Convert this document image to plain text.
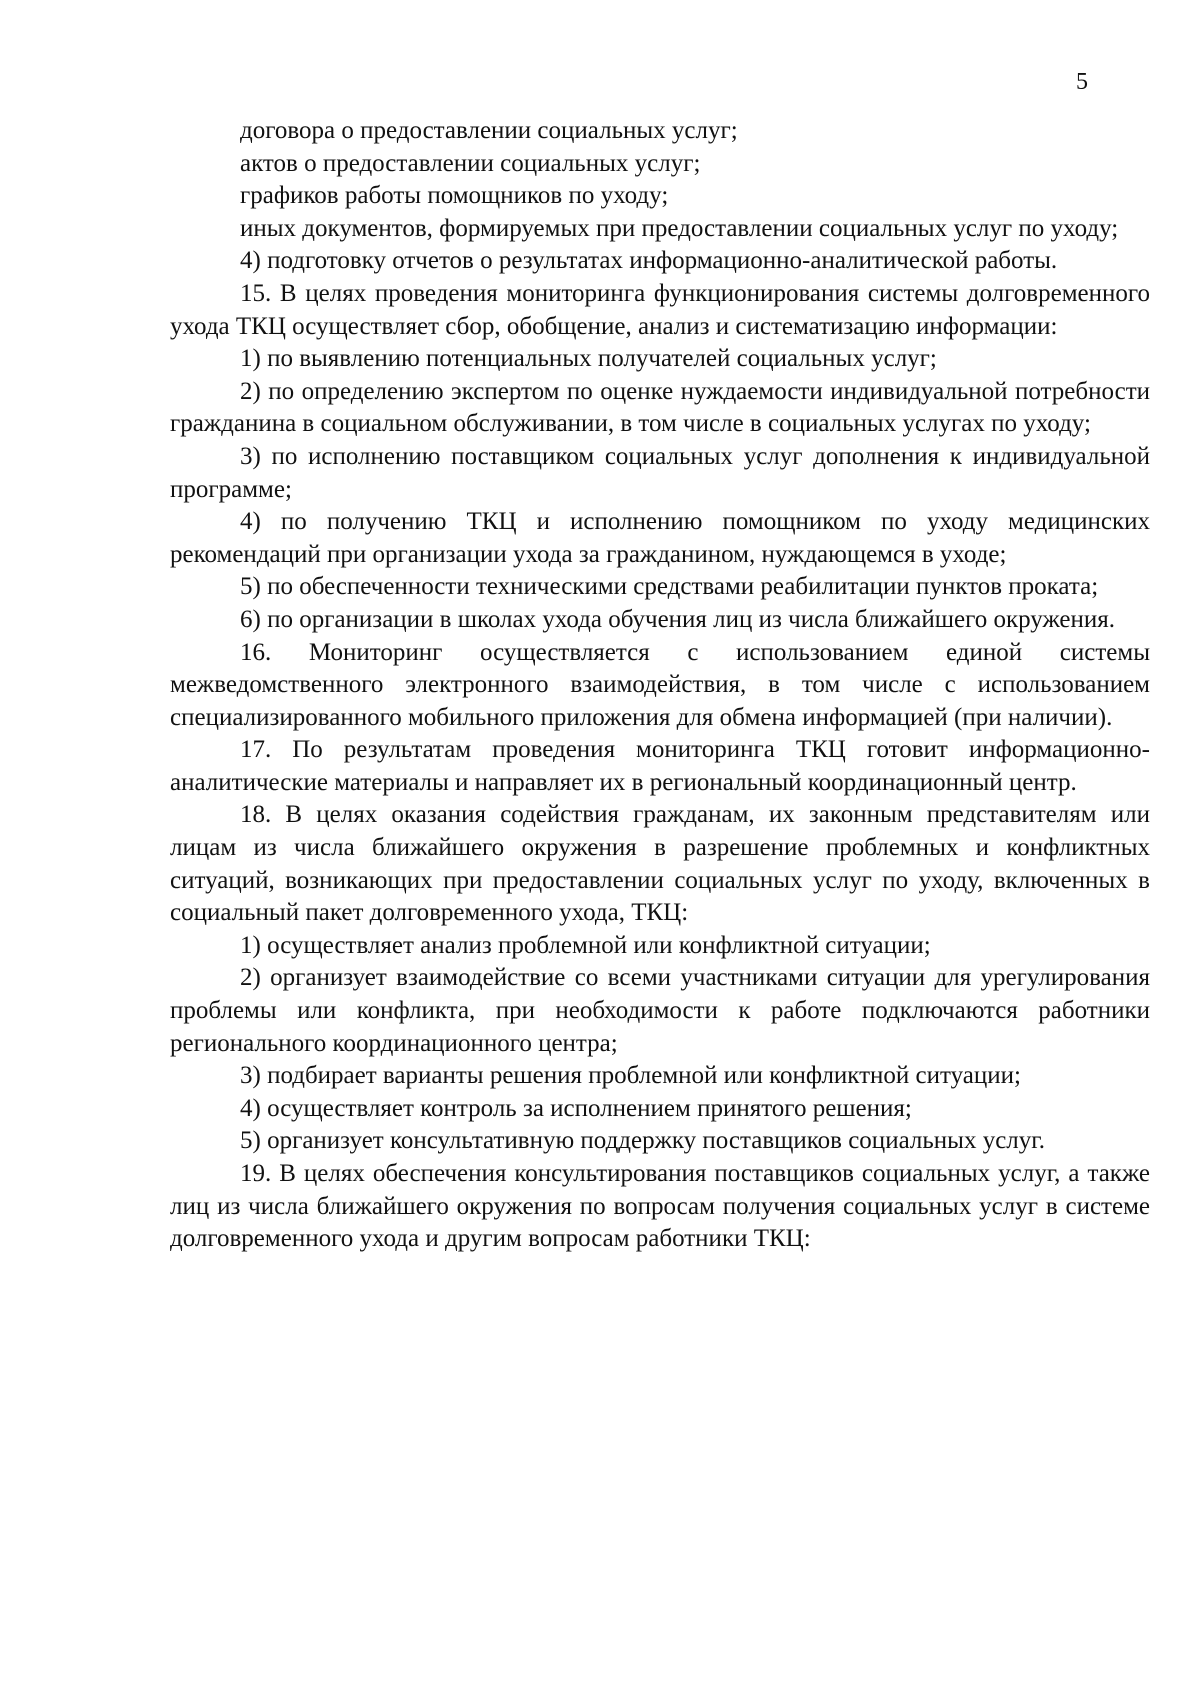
5

договора о предоставлении социальных услуг;

актов о предоставлении социальных услуг;

графиков работы помощников по уходу;

иных документов, формируемых при предоставлении социальных услуг по уходу;

4) подготовку отчетов о результатах информационно-аналитической работы.

15. В целях проведения мониторинга функционирования системы долговременного ухода ТКЦ осуществляет сбор, обобщение, анализ и систематизацию информации:

1) по выявлению потенциальных получателей социальных услуг;

2) по определению экспертом по оценке нуждаемости индивидуальной потребности гражданина в социальном обслуживании, в том числе в социальных услугах по уходу;

3) по исполнению поставщиком социальных услуг дополнения к индивидуальной программе;

4) по получению ТКЦ и исполнению помощником по уходу медицинских рекомендаций при организации ухода за гражданином, нуждающемся в уходе;

5) по обеспеченности техническими средствами реабилитации пунктов проката;

6) по организации в школах ухода обучения лиц из числа ближайшего окружения.

16. Мониторинг осуществляется с использованием единой системы межведомственного электронного взаимодействия, в том числе с использованием специализированного мобильного приложения для обмена информацией (при наличии).

17. По результатам проведения мониторинга ТКЦ готовит информационно-аналитические материалы и направляет их в региональный координационный центр.

18. В целях оказания содействия гражданам, их законным представителям или лицам из числа ближайшего окружения в разрешение проблемных и конфликтных ситуаций, возникающих при предоставлении социальных услуг по уходу, включенных в социальный пакет долговременного ухода, ТКЦ:

1) осуществляет анализ проблемной или конфликтной ситуации;

2) организует взаимодействие со всеми участниками ситуации для урегулирования проблемы или конфликта, при необходимости к работе подключаются работники регионального координационного центра;

3) подбирает варианты решения проблемной или конфликтной ситуации;

4) осуществляет контроль за исполнением принятого решения;

5) организует консультативную поддержку поставщиков социальных услуг.

19. В целях обеспечения консультирования поставщиков социальных услуг, а также лиц из числа ближайшего окружения по вопросам получения социальных услуг в системе долговременного ухода и другим вопросам работники ТКЦ:
